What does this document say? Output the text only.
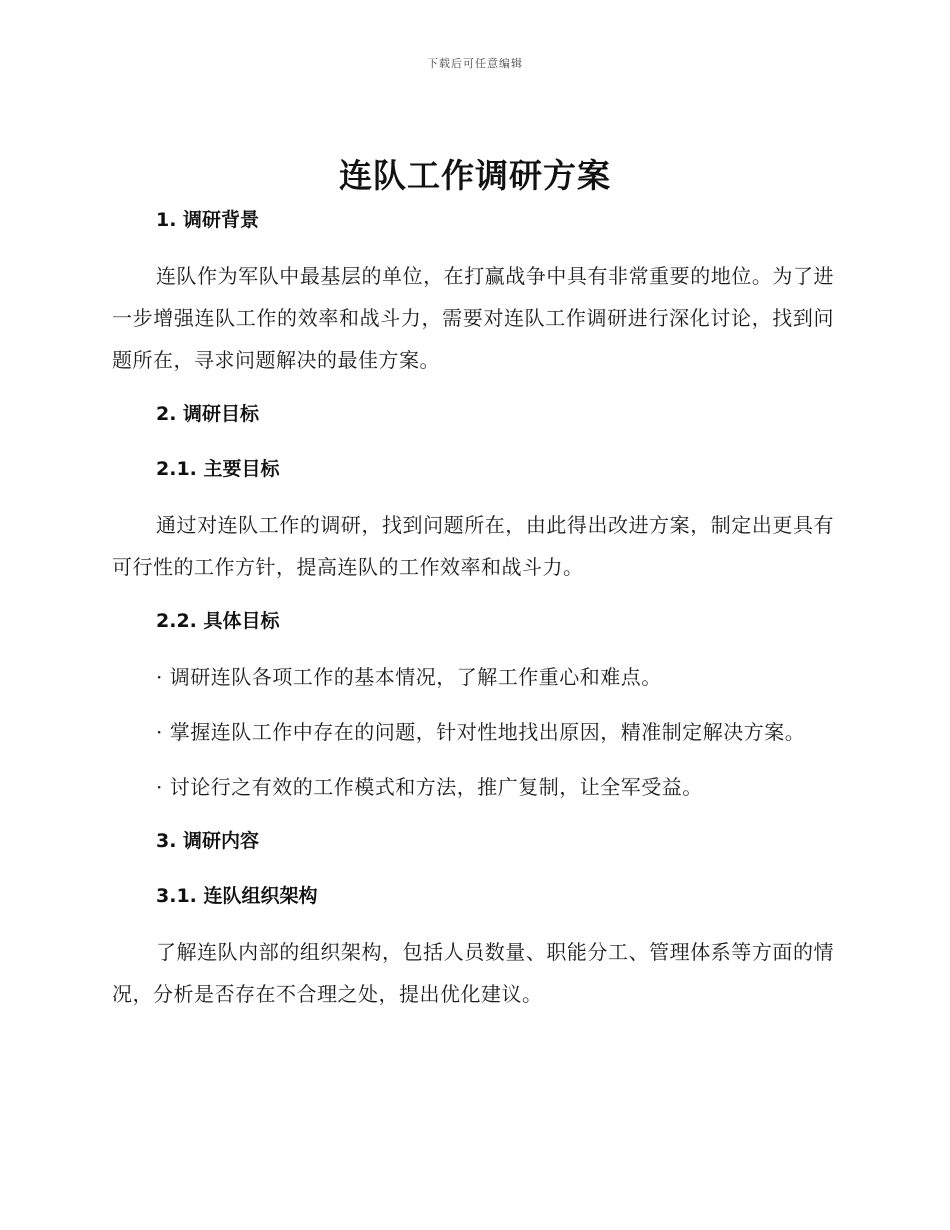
下载后可任意编辑
连队工作调研方案
1. 调研背景

连队作为军队中最基层的单位，在打赢战争中具有非常重要的地位。为了进一步增强连队工作的效率和战斗力，需要对连队工作调研进行深化讨论，找到问题所在，寻求问题解决的最佳方案。

2. 调研目标
2.1. 主要目标

通过对连队工作的调研，找到问题所在，由此得出改进方案，制定出更具有可行性的工作方针，提高连队的工作效率和战斗力。

2.2. 具体目标

· 调研连队各项工作的基本情况，了解工作重心和难点。

· 掌握连队工作中存在的问题，针对性地找出原因，精准制定解决方案。

· 讨论行之有效的工作模式和方法，推广复制，让全军受益。

3. 调研内容
3.1. 连队组织架构

了解连队内部的组织架构，包括人员数量、职能分工、管理体系等方面的情况，分析是否存在不合理之处，提出优化建议。
